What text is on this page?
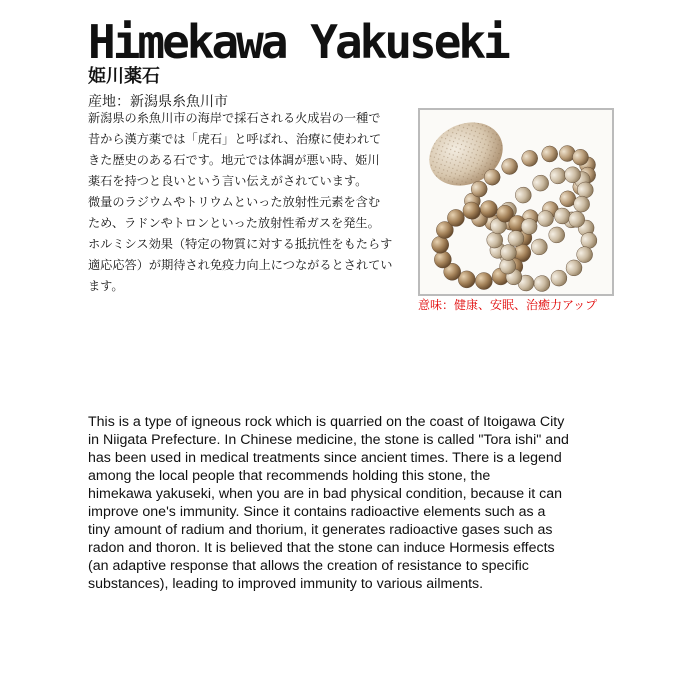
Himekawa Yakuseki
姫川薬石
産地：新潟県糸魚川市

新潟県の糸魚川市の海岸で採石される火成岩の一種で

昔から漢方薬では「虎石」と呼ばれ、治療に使われて

きた歴史のある石です。地元では体調が悪い時、姫川

薬石を持つと良いという言い伝えがされています。

微量のラジウムやトリウムといった放射性元素を含む

ため、ラドンやトロンといった放射性希ガスを発生。

ホルミシス効果（特定の物質に対する抵抗性をもたらす

適応応答）が期待され免疫力向上につながるとされてい

ます。

意味：健康、安眠、治癒力アップ

This is a type of igneous rock which is quarried on the coast of Itoigawa City

in Niigata Prefecture. In Chinese medicine, the stone is called "Tora ishi" and

has been used in medical treatments since ancient times. There is a legend

among the local people that recommends holding this stone, the

himekawa yakuseki, when you are in bad physical condition, because it can

improve one's immunity. Since it contains radioactive elements such as a

tiny amount of radium and thorium, it generates radioactive gases such as

radon and thoron. It is believed that the stone can induce Hormesis effects

(an adaptive response that allows the creation of resistance to specific

substances), leading to improved immunity to various ailments.
